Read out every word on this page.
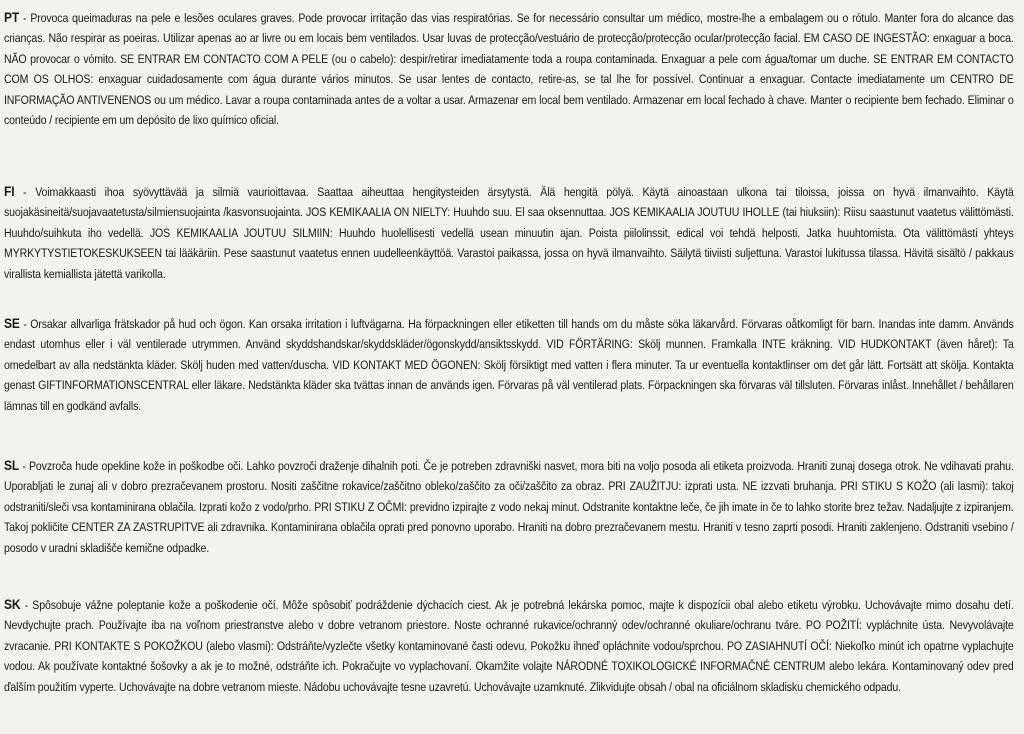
PT - Provoca queimaduras na pele e lesões oculares graves. Pode provocar irritação das vias respiratórias. Se for necessário consultar um médico, mostre-lhe a embalagem ou o rótulo. Manter fora do alcance das crianças. Não respirar as poeiras. Utilizar apenas ao ar livre ou em locais bem ventilados. Usar luvas de protecção/vestuário de protecção/protecção ocular/protecção facial. EM CASO DE INGESTÃO: enxaguar a boca. NÃO provocar o vómito. SE ENTRAR EM CONTACTO COM A PELE (ou o cabelo): despir/retirar imediatamente toda a roupa contaminada. Enxaguar a pele com água/tomar um duche. SE ENTRAR EM CONTACTO COM OS OLHOS: enxaguar cuidadosamente com água durante vários minutos. Se usar lentes de contacto, retire-as, se tal lhe for possível. Continuar a enxaguar. Contacte imediatamente um CENTRO DE INFORMAÇÃO ANTIVENENOS ou um médico. Lavar a roupa contaminada antes de a voltar a usar. Armazenar em local bem ventilado. Armazenar em local fechado à chave. Manter o recipiente bem fechado. Eliminar o conteúdo / recipiente em um depósito de lixo químico oficial.

FI - Voimakkaasti ihoa syövyttävää ja silmiä vaurioittavaa. Saattaa aiheuttaa hengitysteiden ärsytystä. Älä hengitä pölyä. Käytä ainoastaan ulkona tai tiloissa, joissa on hyvä ilmanvaihto. Käytä suojakäsineitä/suojavaatetusta/silmiensuojainta /kasvonsuojainta. JOS KEMIKAALIA ON NIELTY: Huuhdo suu. El saa oksennuttaa. JOS KEMIKAALIA JOUTUU IHOLLE (tai hiuksiin): Riisu saastunut vaatetus välittömästi. Huuhdo/suihkuta iho vedellä. JOS KEMIKAALIA JOUTUU SILMIIN: Huuhdo huolellisesti vedellä usean minuutin ajan. Poista piilolinssit, edical voi tehdä helposti. Jatka huuhtomista. Ota välittömästi yhteys MYRKYTYSTIETOKESKUKSEEN tai lääkäriin. Pese saastunut vaatetus ennen uudelleenkäyttöä. Varastoi paikassa, jossa on hyvä ilmanvaihto. Säilytä tiiviisti suljettuna. Varastoi lukitussa tilassa. Hävitä sisältö / pakkaus virallista kemiallista jätettä varikolla.

SE - Orsakar allvarliga frätskador på hud och ögon. Kan orsaka irritation i luftvägarna. Ha förpackningen eller etiketten till hands om du måste söka läkarvård. Förvaras oåtkomligt för barn. Inandas inte damm. Används endast utomhus eller i väl ventilerade utrymmen. Använd skyddshandskar/skyddskläder/ögonskydd/ansiktsskydd. VID FÖRTÄRING: Skölj munnen. Framkalla INTE kräkning. VID HUDKONTAKT (även håret): Ta omedelbart av alla nedstänkta kläder. Skölj huden med vatten/duscha. VID KONTAKT MED ÖGONEN: Skölj försiktigt med vatten i flera minuter. Ta ur eventuella kontaktlinser om det går lätt. Fortsätt att skölja. Kontakta genast GIFTINFORMATIONSCENTRAL eller läkare. Nedstänkta kläder ska tvättas innan de används igen. Förvaras på väl ventilerad plats. Förpackningen ska förvaras väl tillsluten. Förvaras inlåst. Innehållet / behållaren lämnas till en godkänd avfalls.

SL - Povzroča hude opekline kože in poškodbe oči. Lahko povzroči draženje dihalnih poti. Če je potreben zdravniški nasvet, mora biti na voljo posoda ali etiketa proizvoda. Hraniti zunaj dosega otrok. Ne vdihavati prahu. Uporabljati le zunaj ali v dobro prezračevanem prostoru. Nositi zaščitne rokavice/zaščitno obleko/zaščito za oči/zaščito za obraz. PRI ZAUŽITJU: izprati usta. NE izzvati bruhanja. PRI STIKU S KOŽO (ali lasmi): takoj odstraniti/sleči vsa kontaminirana oblačila. Izprati kožo z vodo/prho. PRI STIKU Z OČMI: previdno izpirajte z vodo nekaj minut. Odstranite kontaktne leče, če jih imate in če to lahko storite brez težav. Nadaljujte z izpiranjem. Takoj pokličite CENTER ZA ZASTRUPITVE ali zdravnika. Kontaminirana oblačila oprati pred ponovno uporabo. Hraniti na dobro prezračevanem mestu. Hraniti v tesno zaprti posodi. Hraniti zaklenjeno. Odstraniti vsebino / posodo v uradni skladišče kemične odpadke.

SK - Spôsobuje vážne poleptanie kože a poškodenie očí. Môže spôsobiť podráždenie dýchacích ciest. Ak je potrebná lekárska pomoc, majte k dispozícii obal alebo etiketu výrobku. Uchovávajte mimo dosahu detí. Nevdychujte prach. Používajte iba na voľnom priestranstve alebo v dobre vetranom priestore. Noste ochranné rukavice/ochranný odev/ochranné okuliare/ochranu tváre. PO POŽITÍ: vypláchnite ústa. Nevyvolávajte zvracanie. PRI KONTAKTE S POKOŽKOU (alebo vlasmi): Odstráňte/vyzlečte všetky kontaminované časti odevu. Pokožku ihneď opláchnite vodou/sprchou. PO ZASIAHNUTÍ OČÍ: Niekoľko minút ich opatrne vyplachujte vodou. Ak používate kontaktné šošovky a ak je to možné, odstráňte ich. Pokračujte vo vyplachovaní. Okamžite volajte NÁRODNÉ TOXIKOLOGICKÉ INFORMAČNÉ CENTRUM alebo lekára. Kontaminovaný odev pred ďalším použitím vyperte. Uchovávajte na dobre vetranom mieste. Nádobu uchovávajte tesne uzavretú. Uchovávajte uzamknuté. Zlikvidujte obsah / obal na oficiálnom skladisku chemického odpadu.
